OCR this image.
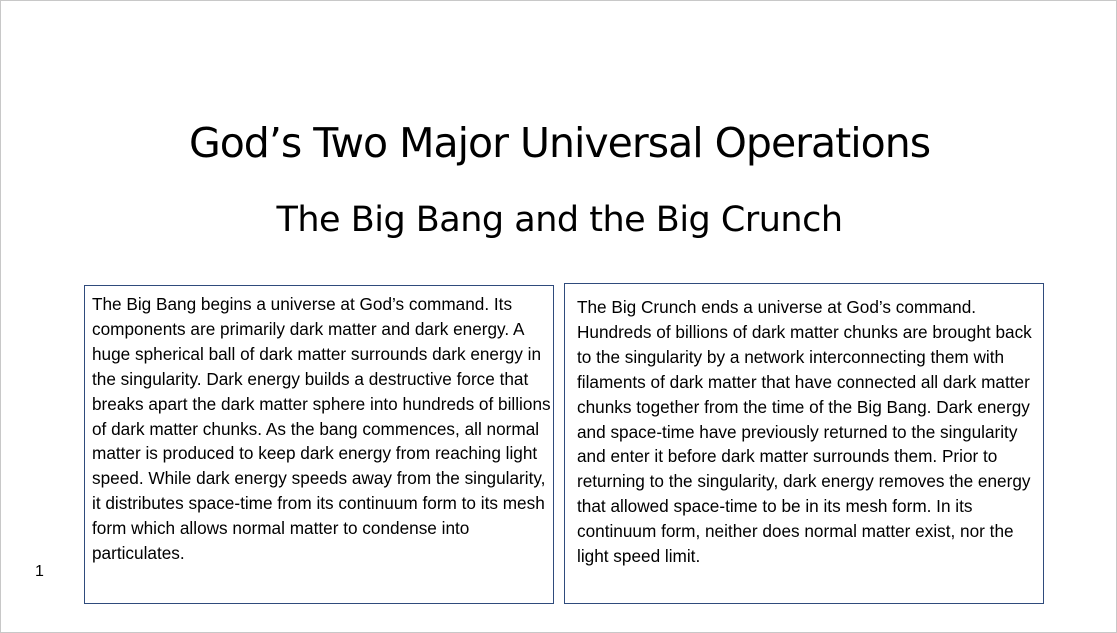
God’s Two Major Universal Operations
The Big Bang and the Big Crunch
The Big Bang begins a universe at God’s command. Its components are primarily dark matter and dark energy. A huge spherical ball of dark matter surrounds dark energy in the singularity. Dark energy builds a destructive force that breaks apart the dark matter sphere into hundreds of billions of dark matter chunks. As the bang commences, all normal matter is produced to keep dark energy from reaching light speed. While dark energy speeds away from the singularity, it distributes space-time from its continuum form to its mesh form which allows normal matter to condense into particulates.
The Big Crunch ends a universe at God’s command. Hundreds of billions of dark matter chunks are brought back to the singularity by a network interconnecting them with filaments of dark matter that have connected all dark matter chunks together from the time of the Big Bang. Dark energy and space-time have previously returned to the singularity and enter it before dark matter surrounds them. Prior to returning to the singularity, dark energy removes the energy that allowed space-time to be in its mesh form. In its continuum form, neither does normal matter exist, nor the light speed limit.
1
